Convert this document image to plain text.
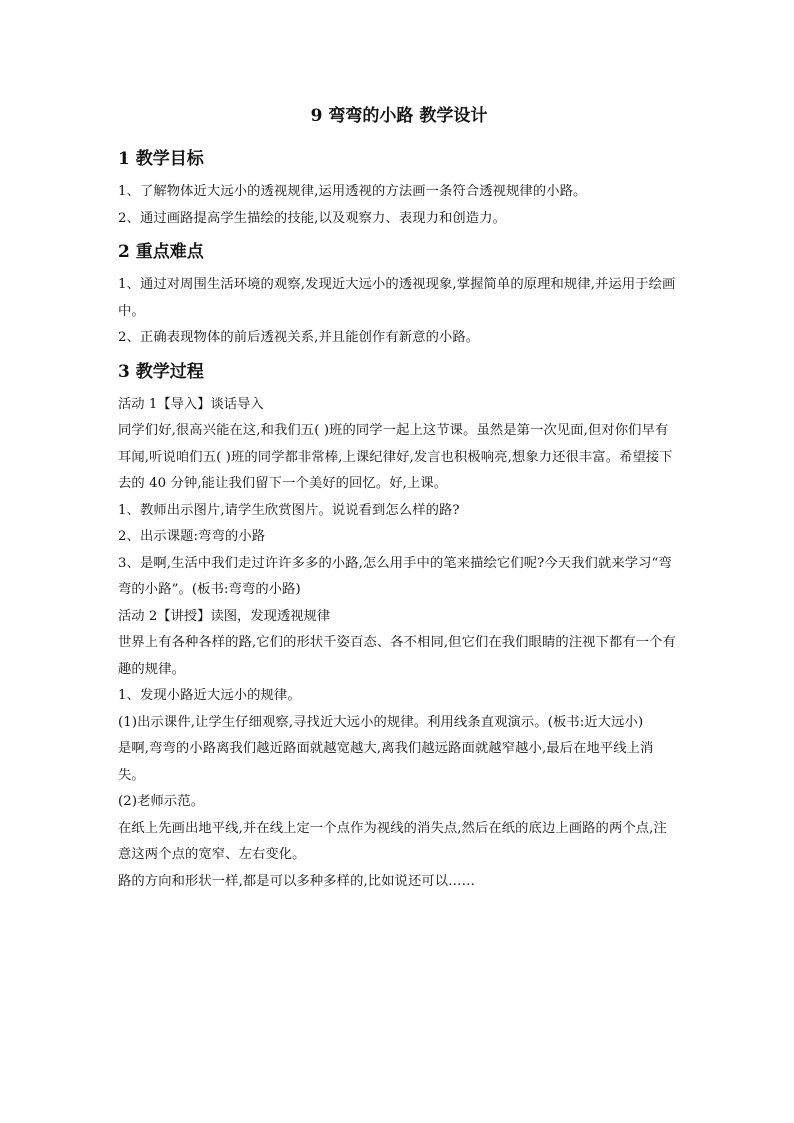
9 弯弯的小路 教学设计
1 教学目标

1、了解物体近大远小的透视规律,运用透视的方法画一条符合透视规律的小路。

2、通过画路提高学生描绘的技能,以及观察力、表现力和创造力。

2 重点难点

1、通过对周围生活环境的观察,发现近大远小的透视现象,掌握简单的原理和规律,并运用于绘画中。

2、正确表现物体的前后透视关系,并且能创作有新意的小路。

3 教学过程

活动 1【导入】谈话导入

同学们好,很高兴能在这,和我们五( )班的同学一起上这节课。虽然是第一次见面,但对你们早有耳闻,听说咱们五( )班的同学都非常棒,上课纪律好,发言也积极响亮,想象力还很丰富。希望接下去的 40 分钟,能让我们留下一个美好的回忆。好,上课。

1、教师出示图片,请学生欣赏图片。说说看到怎么样的路?

2、出示课题:弯弯的小路

3、是啊,生活中我们走过许许多多的小路,怎么用手中的笔来描绘它们呢?今天我们就来学习“弯弯的小路”。(板书:弯弯的小路)

活动 2【讲授】读图，发现透视规律

世界上有各种各样的路,它们的形状千姿百态、各不相同,但它们在我们眼睛的注视下都有一个有趣的规律。

1、发现小路近大远小的规律。

(1)出示课件,让学生仔细观察,寻找近大远小的规律。利用线条直观演示。(板书:近大远小)

是啊,弯弯的小路离我们越近路面就越宽越大,离我们越远路面就越窄越小,最后在地平线上消失。

(2)老师示范。

在纸上先画出地平线,并在线上定一个点作为视线的消失点,然后在纸的底边上画路的两个点,注意这两个点的宽窄、左右变化。

路的方向和形状一样,都是可以多种多样的,比如说还可以……
